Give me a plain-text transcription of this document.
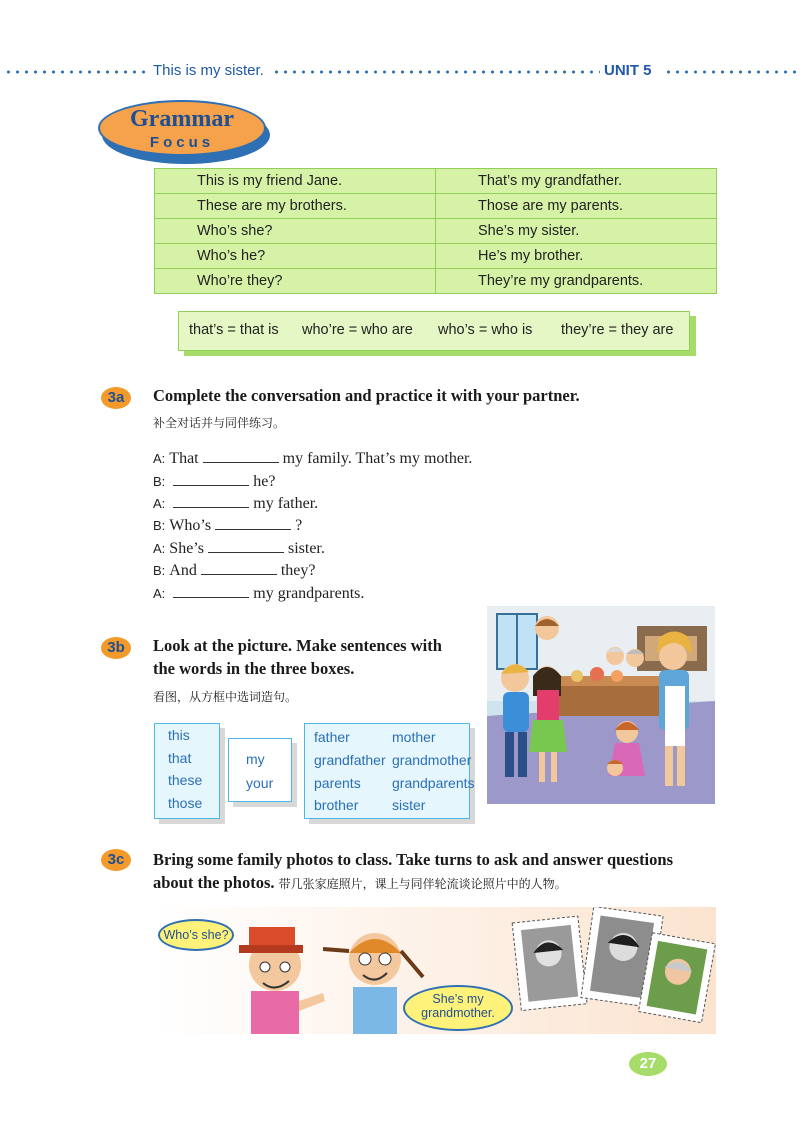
This is my sister.	UNIT 5
Grammar
Focus
This is my friend Jane.	That’s my grandfather.
These are my brothers.	Those are my parents.
Who’s she?	She’s my sister.
Who’s he?	He’s my brother.
Who’re they?	They’re my grandparents.
that’s = that is who’re = who are who’s = who is they’re = they are
3a	Complete the conversation and practice it with your partner.
补全对话并与同伴练习。
A: That	my family. That’s my mother.
B:	he?
A:	my father.
B: Who’s	?
A: She’s	sister.
B: And	they?
A:	my grandparents.
3b	Look at the picture. Make sentences with
the words in the three boxes.
看图，从方框中选词造句。
this
that
these
those
my
your
father
grandfather
parents
brother
mother
grandmother
grandparents
sister
3c	Bring some family photos to class. Take turns to ask and answer questions
about the photos. 带几张家庭照片，课上与同伴轮流谈论照片中的人物。
Who’s she?
She’s my
grandmother.
27
